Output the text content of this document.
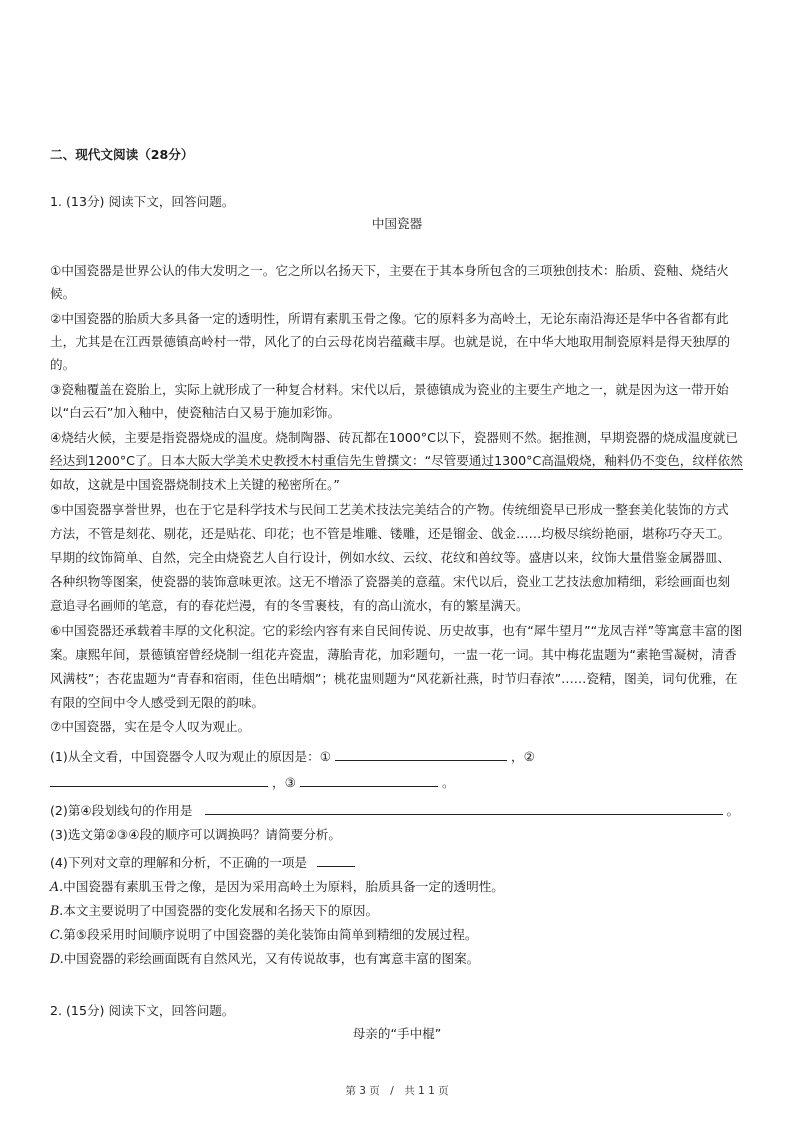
二、现代文阅读（28分）
1. (13分) 阅读下文，回答问题。
中国瓷器
①中国瓷器是世界公认的伟大发明之一。它之所以名扬天下，主要在于其本身所包含的三项独创技术：胎质、瓷釉、烧结火
候。
②中国瓷器的胎质大多具备一定的透明性，所谓有素肌玉骨之像。它的原料多为高岭土，无论东南沿海还是华中各省都有此
土，尤其是在江西景德镇高岭村一带，风化了的白云母花岗岩蕴藏丰厚。也就是说，在中华大地取用制瓷原料是得天独厚的
的。
③瓷釉覆盖在瓷胎上，实际上就形成了一种复合材料。宋代以后，景德镇成为瓷业的主要生产地之一，就是因为这一带开始
以“白云石”加入釉中，使瓷釉洁白又易于施加彩饰。
④烧结火候，主要是指瓷器烧成的温度。烧制陶器、砖瓦都在1000°C以下，瓷器则不然。据推测，早期瓷器的烧成温度就已
经达到1200°C了。日本大阪大学美术史教授木村重信先生曾撰文：“尽管要通过1300°C高温煅烧，釉料仍不变色，纹样依然
如故，这就是中国瓷器烧制技术上关键的秘密所在。”
⑤中国瓷器享誉世界，也在于它是科学技术与民间工艺美术技法完美结合的产物。传统细瓷早已形成一整套美化装饰的方式
方法，不管是刻花、剔花，还是贴花、印花；也不管是堆雕、镂雕，还是镏金、戗金……均极尽缤纷艳丽，堪称巧夺天工。
早期的纹饰简单、自然，完全由烧瓷艺人自行设计，例如水纹、云纹、花纹和兽纹等。盛唐以来，纹饰大量借鉴金属器皿、
各种织物等图案，使瓷器的装饰意味更浓。这无不增添了瓷器美的意蕴。宋代以后，瓷业工艺技法愈加精细，彩绘画面也刻
意追寻名画师的笔意，有的春花烂漫，有的冬雪裹枝，有的高山流水，有的繁星满天。
⑥中国瓷器还承载着丰厚的文化积淀。它的彩绘内容有来自民间传说、历史故事，也有“犀牛望月”“龙凤吉祥”等寓意丰富的图
案。康熙年间，景德镇窑曾经烧制一组花卉瓷盅，薄胎青花，加彩题句，一盅一花一词。其中梅花盅题为“素艳雪凝树，清香
风满枝”；杏花盅题为“青春和宿雨，佳色出晴烟”；桃花盅则题为“风花新社燕，时节归春浓”……瓷精，图美，词句优雅，在
有限的空间中令人感受到无限的韵味。
⑦中国瓷器，实在是令人叹为观止。
(1)从全文看，中国瓷器令人叹为观止的原因是：①	，②
，③	。
(2)第④段划线句的作用是	。
(3)选文第②③④段的顺序可以调换吗？请简要分析。
(4)下列对文章的理解和分析，不正确的一项是
A.中国瓷器有素肌玉骨之像，是因为采用高岭土为原料，胎质具备一定的透明性。
B.本文主要说明了中国瓷器的变化发展和名扬天下的原因。
C.第⑤段采用时间顺序说明了中国瓷器的美化装饰由简单到精细的发展过程。
D.中国瓷器的彩绘画面既有自然风光，又有传说故事，也有寓意丰富的图案。
2. (15分) 阅读下文，回答问题。
母亲的“手中棍”
第 3 页　/　共 1 1 页
